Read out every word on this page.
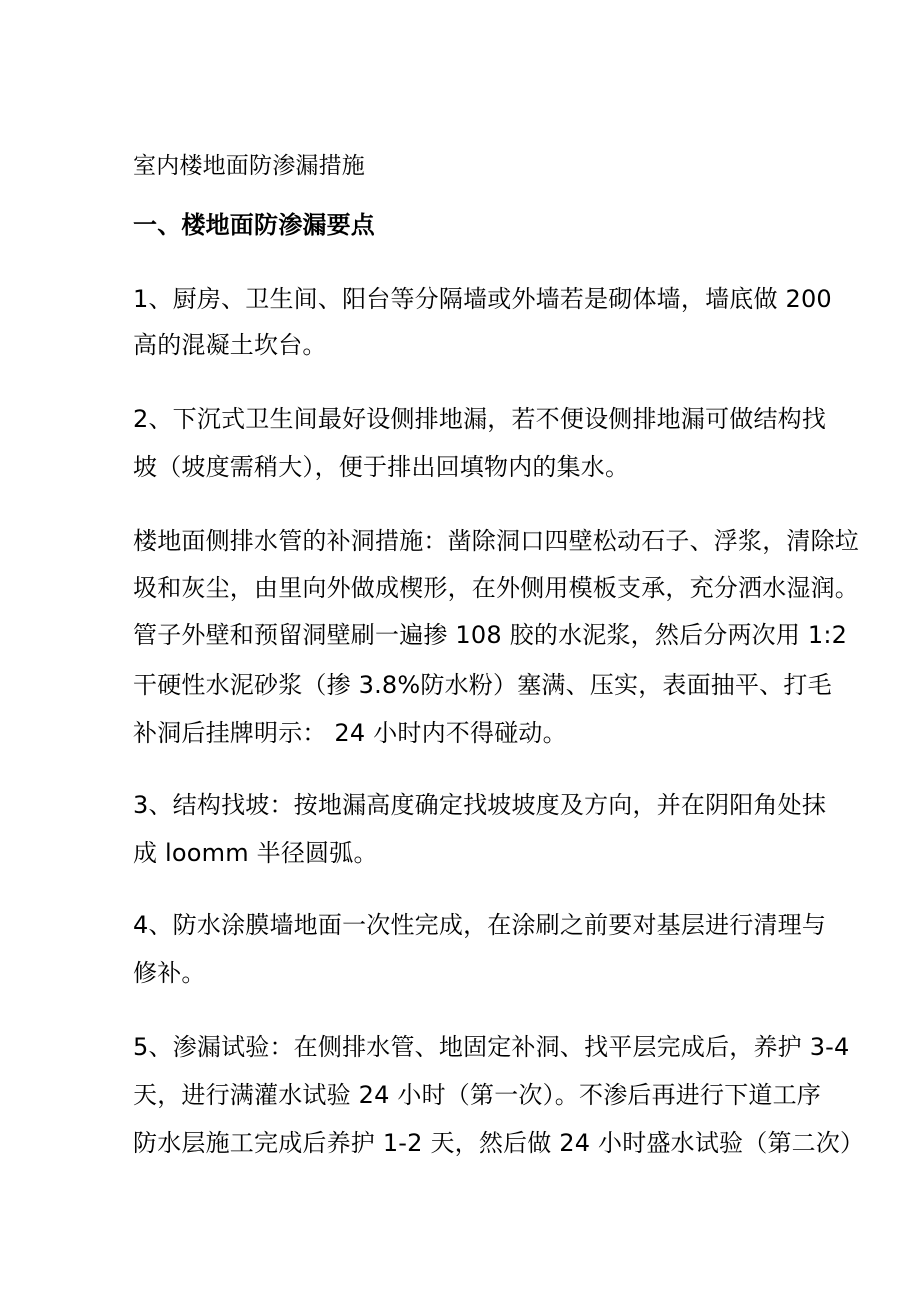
室内楼地面防渗漏措施
一、楼地面防渗漏要点
1、厨房、卫生间、阳台等分隔墙或外墙若是砌体墙，墙底做 200
高的混凝土坎台。
2、下沉式卫生间最好设侧排地漏，若不便设侧排地漏可做结构找
坡（坡度需稍大），便于排出回填物内的集水。
楼地面侧排水管的补洞措施：凿除洞口四壁松动石子、浮浆，清除垃
圾和灰尘，由里向外做成楔形，在外侧用模板支承，充分洒水湿润。
管子外壁和预留洞壁刷一遍掺 108 胶的水泥浆，然后分两次用 1:2
干硬性水泥砂浆（掺 3.8%防水粉）塞满、压实，表面抽平、打毛
补洞后挂牌明示： 24 小时内不得碰动。
3、结构找坡：按地漏高度确定找坡坡度及方向，并在阴阳角处抹
成 loomm 半径圆弧。
4、防水涂膜墙地面一次性完成，在涂刷之前要对基层进行清理与
修补。
5、渗漏试验：在侧排水管、地固定补洞、找平层完成后，养护 3-4
天，进行满灌水试验 24 小时（第一次）。不渗后再进行下道工序
防水层施工完成后养护 1-2 天，然后做 24 小时盛水试验（第二次）
